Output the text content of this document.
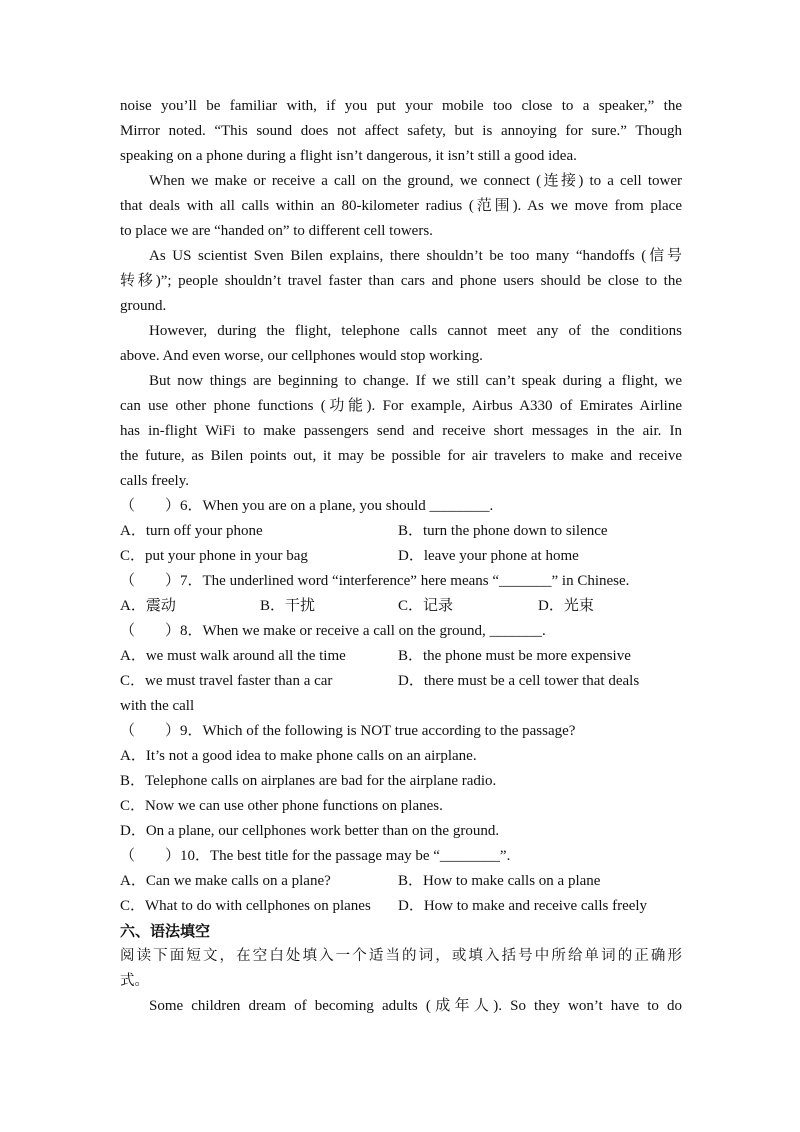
noise you’ll be familiar with, if you put your mobile too close to a speaker,” the
Mirror noted. “This sound does not affect safety, but is annoying for sure.” Though
speaking on a phone during a flight isn’t dangerous, it isn’t still a good idea.
When we make or receive a call on the ground, we connect (连接) to a cell tower
that deals with all calls within an 80-kilometer radius (范围). As we move from place
to place we are “handed on” to different cell towers.
As US scientist Sven Bilen explains, there shouldn’t be too many “handoffs (信号
转移)”; people shouldn’t travel faster than cars and phone users should be close to the
ground.
However, during the flight, telephone calls cannot meet any of the conditions
above. And even worse, our cellphones would stop working.
But now things are beginning to change. If we still can’t speak during a flight, we
can use other phone functions (功能). For example, Airbus A330 of Emirates Airline
has in-flight WiFi to make passengers send and receive short messages in the air. In
the future, as Bilen points out, it may be possible for air travelers to make and receive
calls freely.
（　　）6．When you are on a plane, you should ________.
A．turn off your phone	B．turn the phone down to silence
C．put your phone in your bag	D．leave your phone at home
（　　）7．The underlined word “interference” here means “_______” in Chinese.
A．震动	B．干扰	C．记录	D．光束
（　　）8．When we make or receive a call on the ground, _______.
A．we must walk around all the time	B．the phone must be more expensive
C．we must travel faster than a car	D．there must be a cell tower that deals
with the call
（　　）9．Which of the following is NOT true according to the passage?
A．It’s not a good idea to make phone calls on an airplane.
B．Telephone calls on airplanes are bad for the airplane radio.
C．Now we can use other phone functions on planes.
D．On a plane, our cellphones work better than on the ground.
（　　）10．The best title for the passage may be “________”.
A．Can we make calls on a plane?	B．How to make calls on a plane
C．What to do with cellphones on planes D．How to make and receive calls freely
六、语法填空
阅读下面短文，在空白处填入一个适当的词，或填入括号中所给单词的正确形
式。
Some children dream of becoming adults (成年人). So they won’t have to do
